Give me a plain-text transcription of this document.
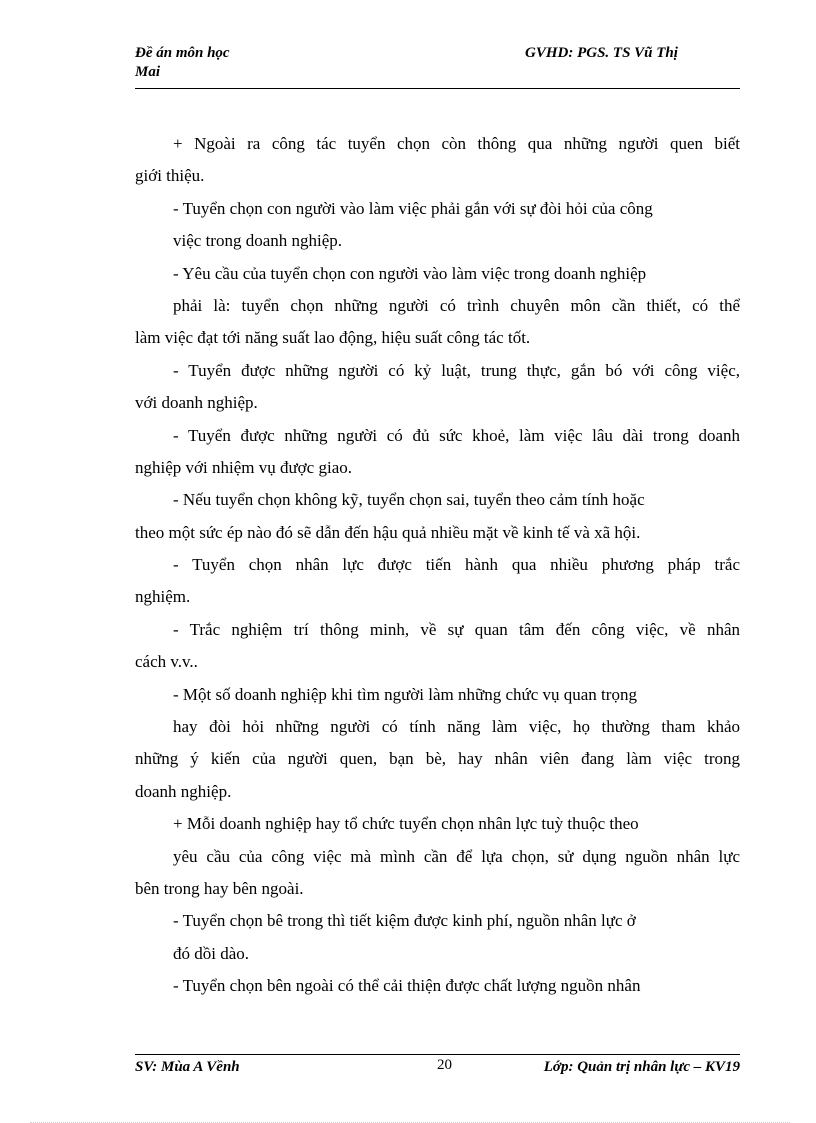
Đề án môn học
Mai
GVHD: PGS. TS Vũ Thị
+ Ngoài ra công tác tuyển chọn còn thông qua những người quen biết
giới thiệu.
- Tuyển chọn con người vào làm việc phải gắn với sự đòi hỏi của công
việc trong doanh nghiệp.
- Yêu cầu của tuyển chọn con người vào làm việc trong doanh nghiệp
phải là: tuyển chọn những người có trình chuyên môn cần thiết, có thể
làm việc đạt tới năng suất lao động, hiệu suất công tác tốt.
- Tuyển được những người có kỷ luật, trung thực, gắn bó với công việc,
với doanh nghiệp.
- Tuyển được những người có đủ sức khoẻ, làm việc lâu dài trong doanh
nghiệp với nhiệm vụ được giao.
- Nếu tuyển chọn không kỹ, tuyển chọn sai, tuyển theo cảm tính hoặc
theo một sức ép nào đó sẽ dẫn đến hậu quả nhiều mặt về kinh tế và xã hội.
- Tuyển chọn nhân lực được tiến hành qua nhiều phương pháp trắc
nghiệm.
- Trắc nghiệm trí thông minh, về sự quan tâm đến công việc, về nhân
cách v.v..
- Một số doanh nghiệp khi tìm người làm những chức vụ quan trọng
hay đòi hỏi những người có tính năng làm việc, họ thường tham khảo
những ý kiến của người quen, bạn bè, hay nhân viên đang làm việc trong
doanh nghiệp.
+ Mỗi doanh nghiệp hay tổ chức tuyển chọn nhân lực tuỳ thuộc theo
yêu cầu của công việc mà mình cần để lựa chọn, sử dụng nguồn nhân lực
bên trong hay bên ngoài.
- Tuyển chọn bê trong thì tiết kiệm được kinh phí, nguồn nhân lực ở
đó dồi dào.
- Tuyển chọn bên ngoài có thể cải thiện được chất lượng nguồn nhân
SV: Mùa A Vềnh	20	Lớp: Quản trị nhân lực – KV19
